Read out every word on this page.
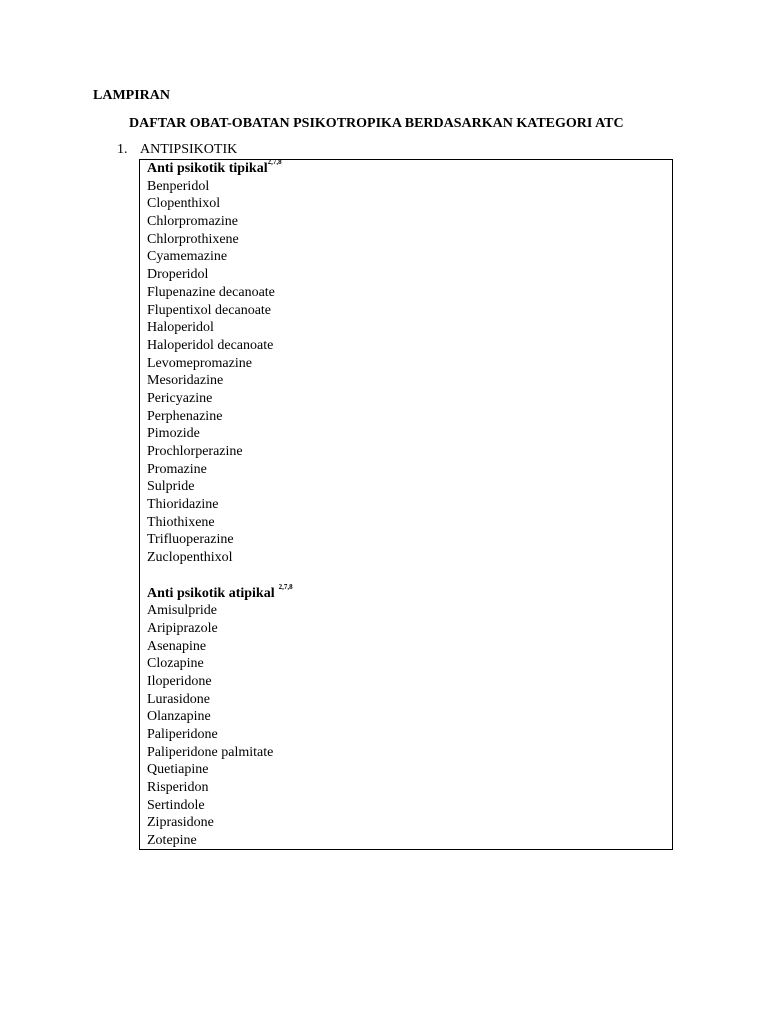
LAMPIRAN
DAFTAR OBAT-OBATAN PSIKOTROPIKA BERDASARKAN KATEGORI ATC
1. ANTIPSIKOTIK
Anti psikotik tipikal$^{2,7,8}$
Benperidol
Clopenthixol
Chlorpromazine
Chlorprothixene
Cyamemazine
Droperidol
Flupenazine decanoate
Flupentixol decanoate
Haloperidol
Haloperidol decanoate
Levomepromazine
Mesoridazine
Pericyazine
Perphenazine
Pimozide
Prochlorperazine
Promazine
Sulpride
Thioridazine
Thiothixene
Trifluoperazine
Zuclopenthixol
Anti psikotik atipikal $^{2,7,8}$
Amisulpride
Aripiprazole
Asenapine
Clozapine
Iloperidone
Lurasidone
Olanzapine
Paliperidone
Paliperidone palmitate
Quetiapine
Risperidon
Sertindole
Ziprasidone
Zotepine
